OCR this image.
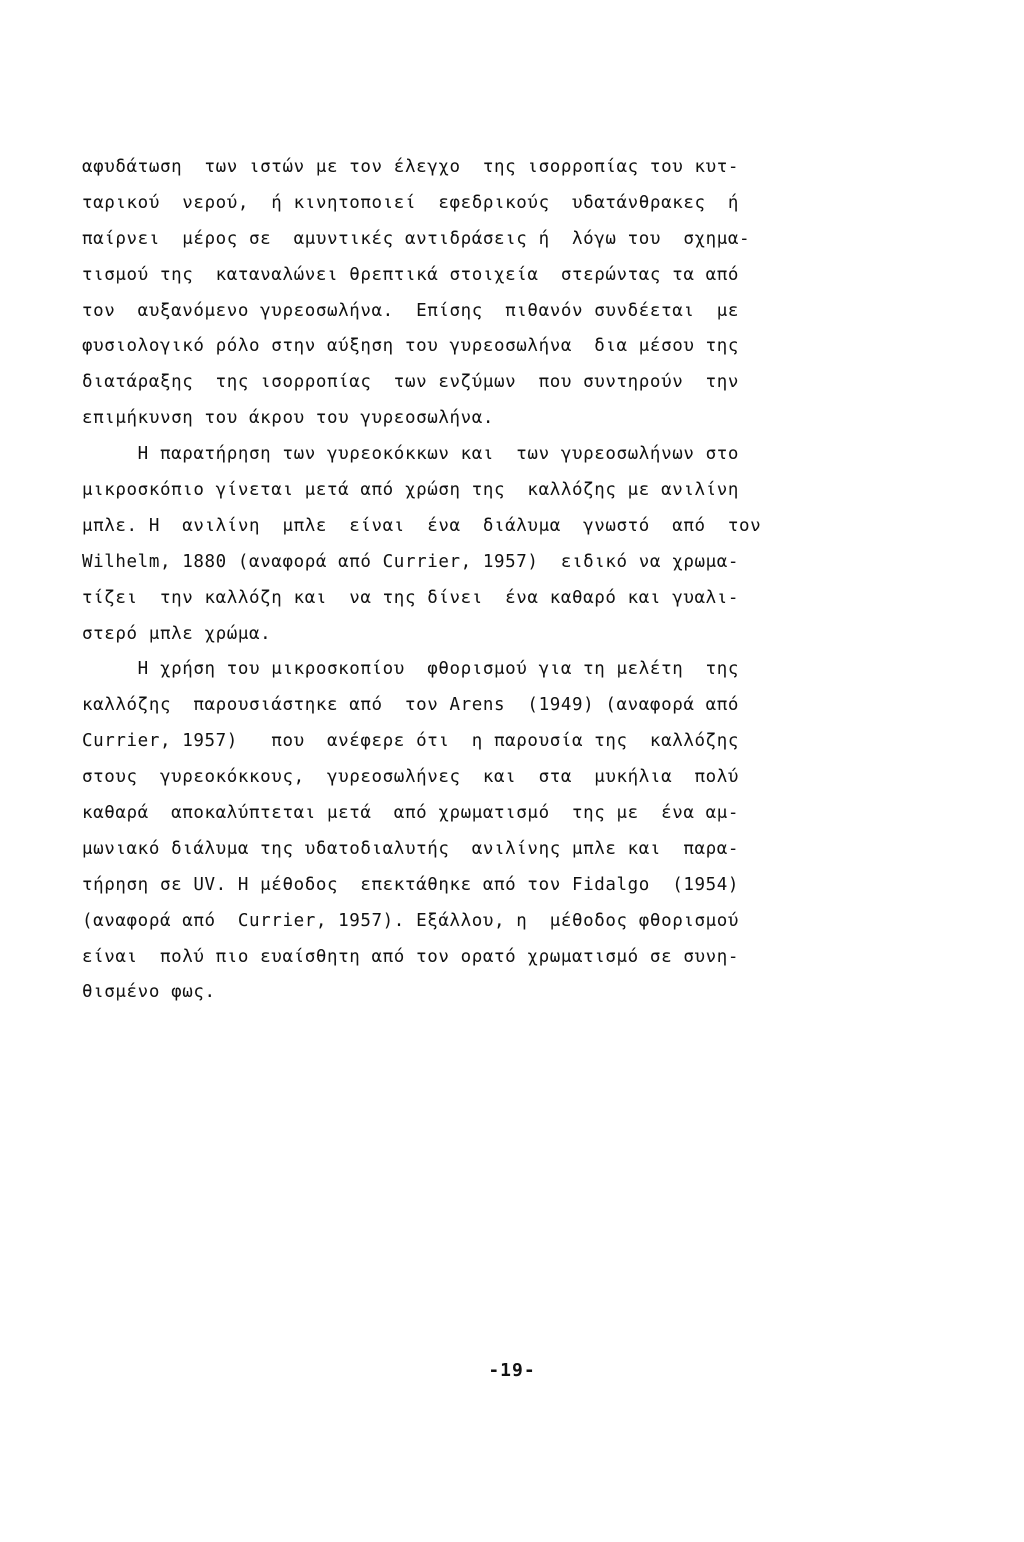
αφυδάτωση  των ιστών με τον έλεγχο  της ισορροπίας του κυτ-
ταρικού  νερού,  ή κινητοποιεί  εφεδρικούς  υδατάνθρακες  ή
παίρνει  μέρος σε  αμυντικές αντιδράσεις ή  λόγω του  σχημα-
τισμού της  καταναλώνει θρεπτικά στοιχεία  στερώντας τα από
τον  αυξανόμενο γυρεοσωλήνα.  Επίσης  πιθανόν συνδέεται  με
φυσιολογικό ρόλο στην αύξηση του γυρεοσωλήνα  δια μέσου της
διατάραξης  της ισορροπίας  των ενζύμων  που συντηρούν  την
επιμήκυνση του άκρου του γυρεοσωλήνα.
Η παρατήρηση των γυρεοκόκκων και  των γυρεοσωλήνων στο
μικροσκόπιο γίνεται μετά από χρώση της  καλλόζης με ανιλίνη
μπλε. Η  ανιλίνη  μπλε  είναι  ένα  διάλυμα  γνωστό  από  τον
Wilhelm, 1880 (αναφορά από Currier, 1957)  ειδικό να χρωμα-
τίζει  την καλλόζη και  να της δίνει  ένα καθαρό και γυαλι-
στερό μπλε χρώμα.
Η χρήση του μικροσκοπίου  φθορισμού για τη μελέτη  της
καλλόζης  παρουσιάστηκε από  τον Arens  (1949) (αναφορά από
Currier, 1957)   που  ανέφερε ότι  η παρουσία της  καλλόζης
στους  γυρεοκόκκους,  γυρεοσωλήνες  και  στα  μυκήλια  πολύ
καθαρά  αποκαλύπτεται μετά  από χρωματισμό  της με  ένα αμ-
μωνιακό διάλυμα της υδατοδιαλυτής  ανιλίνης μπλε και  παρα-
τήρηση σε UV. Η μέθοδος  επεκτάθηκε από τον Fidalgo  (1954)
(αναφορά από  Currier, 1957). Εξάλλου, η  μέθοδος φθορισμού
είναι  πολύ πιο ευαίσθητη από τον ορατό χρωματισμό σε συνη-
θισμένο φως.
-19-
